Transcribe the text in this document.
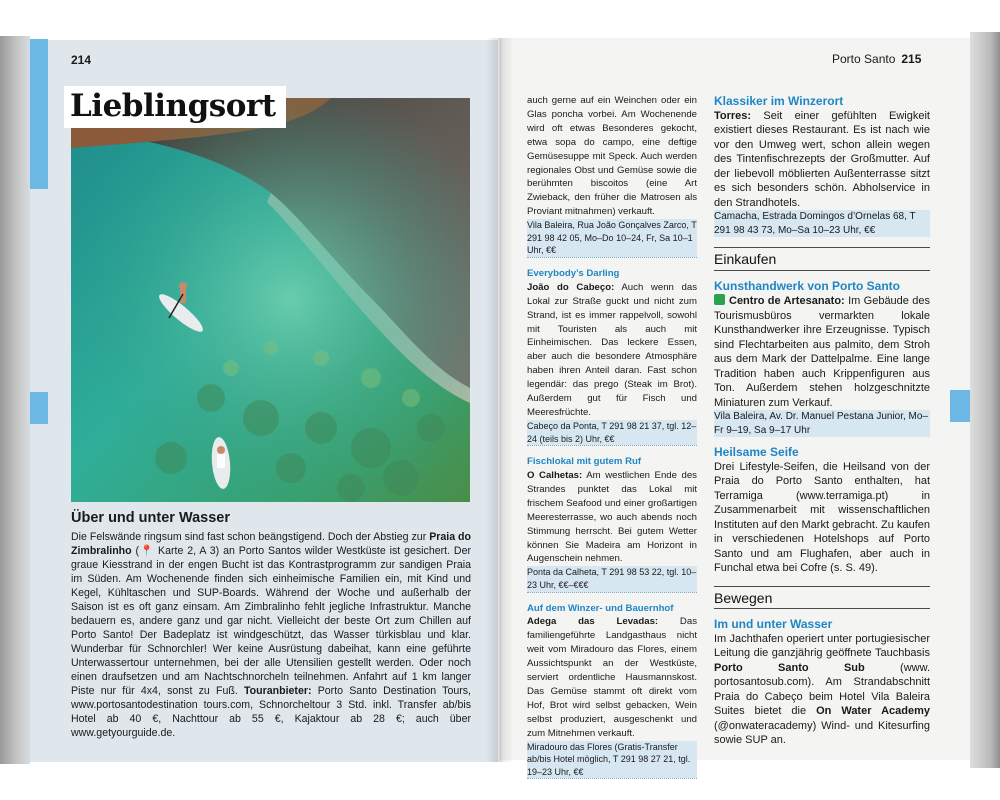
214	Porto Santo 215
Lieblingsort
Über und unter Wasser
Die Felswände ringsum sind fast schon beängstigend. Doch der Abstieg zur Praia do Zimbralinho (📍 Karte 2, A 3) an Porto Santos wilder Westküste ist gesichert. Der graue Kiesstrand in der engen Bucht ist das Kontrastprogramm zur sandigen Praia im Süden. Am Wochenende finden sich einheimische Familien ein, mit Kind und Kegel, Kühltaschen und SUP-Boards. Während der Woche und außerhalb der Saison ist es oft ganz einsam. Am Zimbralinho fehlt jegliche Infrastruktur. Manche bedauern es, andere ganz und gar nicht. Vielleicht der beste Ort zum Chillen auf Porto Santo! Der Badeplatz ist windgeschützt, das Wasser türkisblau und klar. Wunderbar für Schnorchler! Wer keine Ausrüstung dabeihat, kann eine geführte Unterwassertour unternehmen, bei der alle Utensilien gestellt werden. Oder noch einen draufsetzen und am Nachtschnorcheln teilnehmen. Anfahrt auf 1 km langer Piste nur für 4x4, sonst zu Fuß. Touranbieter: Porto Santo Destination Tours, www.portosantodestination tours.com, Schnorcheltour 3 Std. inkl. Transfer ab/bis Hotel ab 40 €, Nachttour ab 55 €, Kajaktour ab 28 €; auch über www.getyourguide.de.
auch gerne auf ein Weinchen oder ein Glas poncha vorbei. Am Wochenende wird oft etwas Besonderes gekocht, etwa sopa do campo, eine deftige Gemüsesuppe mit Speck. Auch werden regionales Obst und Gemüse sowie die berühmten biscoitos (eine Art Zwieback, den früher die Matrosen als Proviant mitnahmen) verkauft.
Vila Baleira, Rua João Gonçalves Zarco, T 291 98 42 05, Mo–Do 10–24, Fr, Sa 10–1 Uhr, €€
Everybody’s Darling
João do Cabeço: Auch wenn das Lokal zur Straße guckt und nicht zum Strand, ist es immer rappelvoll, sowohl mit Touristen als auch mit Einheimischen. Das leckere Essen, aber auch die besondere Atmosphäre haben ihren Anteil daran. Fast schon legendär: das prego (Steak im Brot). Außerdem gut für Fisch und Meeresfrüchte.
Cabeço da Ponta, T 291 98 21 37, tgl. 12–24 (teils bis 2) Uhr, €€
Fischlokal mit gutem Ruf
O Calhetas: Am westlichen Ende des Strandes punktet das Lokal mit frischem Seafood und einer großartigen Meeresterrasse, wo auch abends noch Stimmung herrscht. Bei gutem Wetter können Sie Madeira am Horizont in Augenschein nehmen.
Ponta da Calheta, T 291 98 53 22, tgl. 10–23 Uhr, €€–€€€
Auf dem Winzer- und Bauernhof
Adega das Levadas: Das familiengeführte Landgasthaus nicht weit vom Miradouro das Flores, einem Aussichtspunkt an der Westküste, serviert ordentliche Hausmannskost. Das Gemüse stammt oft direkt vom Hof, Brot wird selbst gebacken, Wein selbst produziert, ausgeschenkt und zum Mitnehmen verkauft.
Miradouro das Flores (Gratis-Transfer ab/bis Hotel möglich, T 291 98 27 21, tgl. 19–23 Uhr, €€
Klassiker im Winzerort
Torres: Seit einer gefühlten Ewigkeit existiert dieses Restaurant. Es ist nach wie vor den Umweg wert, schon allein wegen des Tintenfischrezepts der Großmutter. Auf der liebevoll möblierten Außenterrasse sitzt es sich besonders schön. Abholservice in den Strandhotels.
Camacha, Estrada Domingos d’Ornelas 68, T 291 98 43 73, Mo–Sa 10–23 Uhr, €€
Einkaufen
Kunsthandwerk von Porto Santo
Centro de Artesanato: Im Gebäude des Tourismusbüros vermarkten lokale Kunsthandwerker ihre Erzeugnisse. Typisch sind Flechtarbeiten aus palmito, dem Stroh aus dem Mark der Dattelpalme. Eine lange Tradition haben auch Krippenfiguren aus Ton. Außerdem stehen holzgeschnitzte Miniaturen zum Verkauf.
Vila Baleira, Av. Dr. Manuel Pestana Junior, Mo–Fr 9–19, Sa 9–17 Uhr
Heilsame Seife
Drei Lifestyle-Seifen, die Heilsand von der Praia do Porto Santo enthalten, hat Terramiga (www.terramiga.pt) in Zusammenarbeit mit wissenschaftlichen Instituten auf den Markt gebracht. Zu kaufen in verschiedenen Hotelshops auf Porto Santo und am Flughafen, aber auch in Funchal etwa bei Cofre (s. S. 49).
Bewegen
Im und unter Wasser
Im Jachthafen operiert unter portugiesischer Leitung die ganzjährig geöffnete Tauchbasis Porto Santo Sub (www. portosantosub.com). Am Strandabschnitt Praia do Cabeço beim Hotel Vila Baleira Suites bietet die On Water Academy (@onwateracademy) Wind- und Kitesurfing sowie SUP an.
